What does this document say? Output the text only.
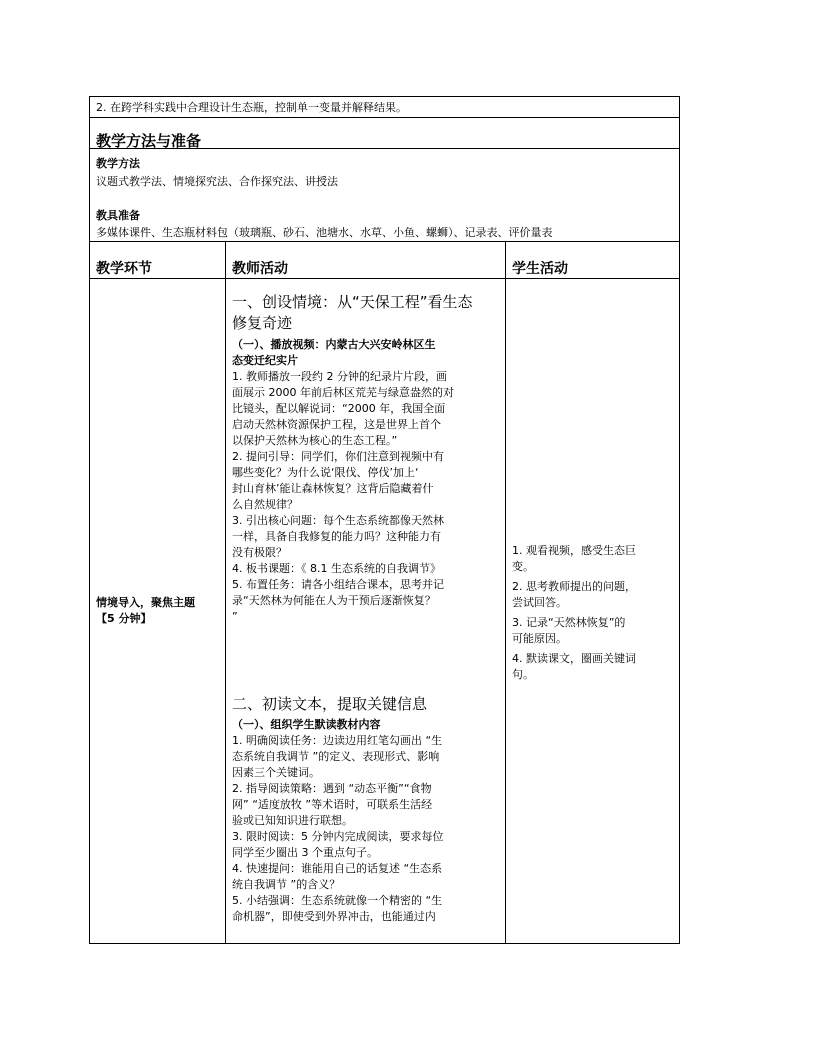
2. 在跨学科实践中合理设计生态瓶，控制单一变量并解释结果。
教学方法与准备
教学方法
议题式教学法、情境探究法、合作探究法、讲授法
教具准备
多媒体课件、生态瓶材料包（玻璃瓶、砂石、池塘水、水草、小鱼、螺蛳）、记录表、评价量表
教学环节	教师活动	学生活动
情境导入，聚焦主题
【5 分钟】

一、创设情境：从“天保工程”看生态

修复奇迹

（一）、播放视频：内蒙古大兴安岭林区生

态变迁纪实片

1. 教师播放一段约 2 分钟的纪录片片段，画

面展示 2000 年前后林区荒芜与绿意盎然的对

比镜头，配以解说词：“2000 年，我国全面

启动天然林资源保护工程，这是世界上首个

以保护天然林为核心的生态工程。”

2. 提问引导：同学们，你们注意到视频中有

哪些变化？为什么说‘限伐、停伐’加上‘

封山育林’能让森林恢复？这背后隐藏着什

么自然规律？

3. 引出核心问题：每个生态系统都像天然林

一样，具备自我修复的能力吗？这种能力有

没有极限？

4. 板书课题：《 8.1 生态系统的自我调节》

5. 布置任务：请各小组结合课本，思考并记

录“天然林为何能在人为干预后逐渐恢复？

”

二、初读文本，提取关键信息

（一）、组织学生默读教材内容

1. 明确阅读任务：边读边用红笔勾画出 “生

态系统自我调节 ”的定义、表现形式、影响

因素三个关键词。

2. 指导阅读策略：遇到 “动态平衡”“食物

网” “适度放牧 ”等术语时，可联系生活经

验或已知知识进行联想。

3. 限时阅读：5 分钟内完成阅读，要求每位

同学至少圈出 3 个重点句子。

4. 快速提问：谁能用自己的话复述 “生态系

统自我调节 ”的含义？

5. 小结强调：生态系统就像一个精密的 “生

命机器”，即使受到外界冲击，也能通过内

1. 观看视频，感受生态巨

变。

2. 思考教师提出的问题，

尝试回答。

3. 记录“天然林恢复”的

可能原因。

4. 默读课文，圈画关键词

句。
